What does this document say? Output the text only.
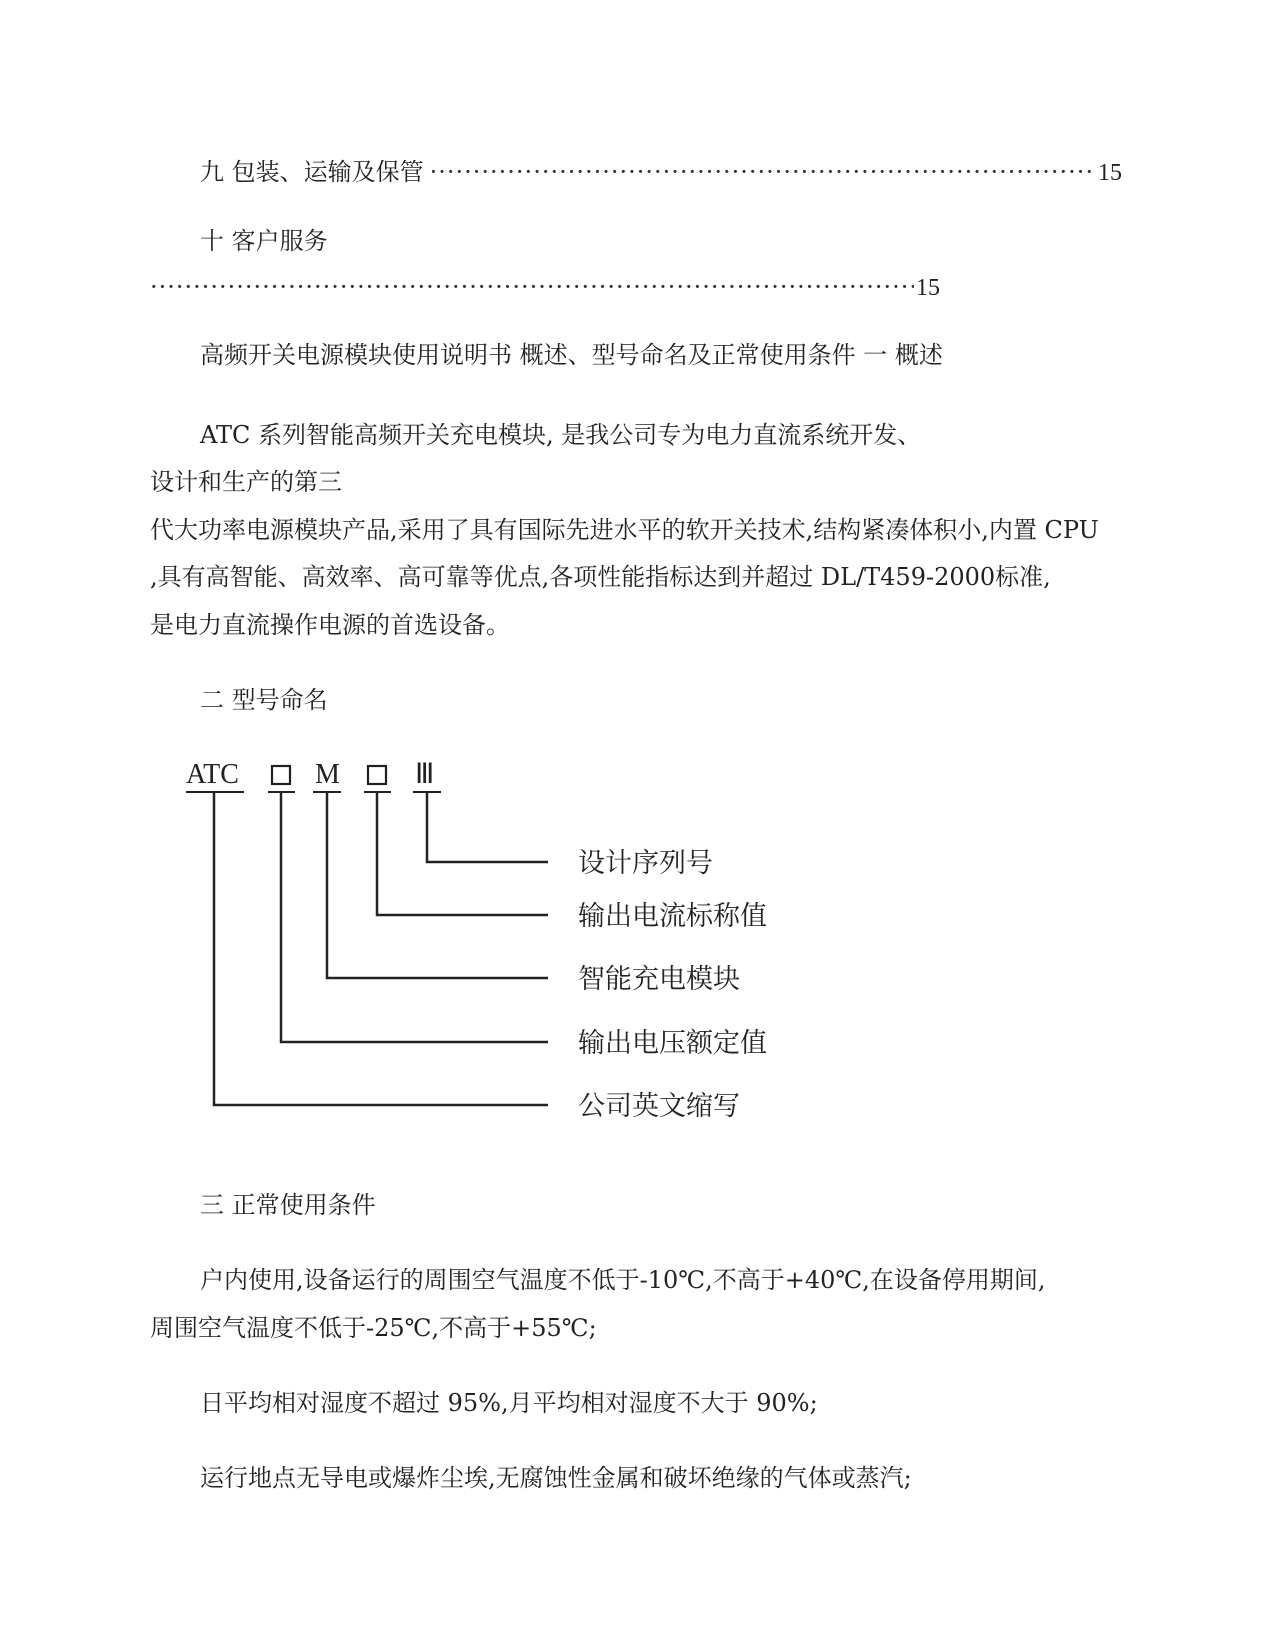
九 包装、运输及保管
·····	15
十 客户服务
·····
15
高频开关电源模块使用说明书 概述、型号命名及正常使用条件 一 概述
ATC 系列智能高频开关充电模块, 是我公司专为电力直流系统开发、
设计和生产的第三
代大功率电源模块产品,采用了具有国际先进水平的软开关技术,结构紧凑体积小,内置 CPU
,具有高智能、高效率、高可靠等优点,各项性能指标达到并超过 DL/T459-2000标准,
是电力直流操作电源的首选设备。
二 型号命名
ATC	M	Ⅲ
设计序列号
输出电流标称值
智能充电模块
输出电压额定值
公司英文缩写
三 正常使用条件
户内使用,设备运行的周围空气温度不低于-10℃,不高于+40℃,在设备停用期间,
周围空气温度不低于-25℃,不高于+55℃;
日平均相对湿度不超过 95%,月平均相对湿度不大于 90%;
运行地点无导电或爆炸尘埃,无腐蚀性金属和破坏绝缘的气体或蒸汽;
